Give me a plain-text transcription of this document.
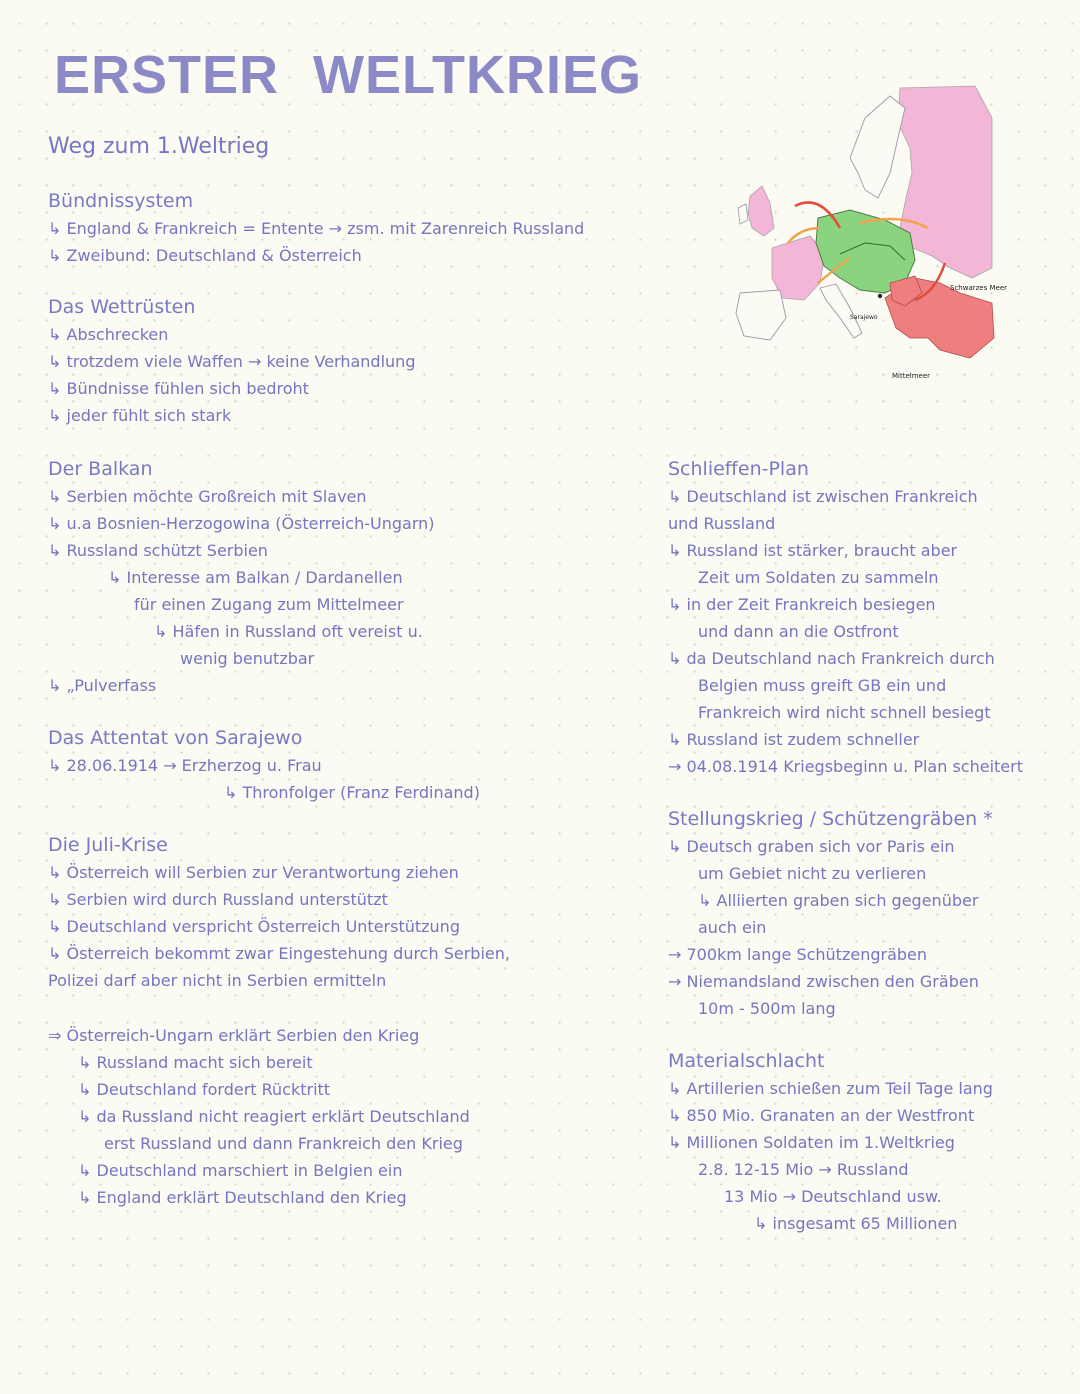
ERSTER WELTKRIEG
Weg zum 1.Weltrieg
Bündnissystem
↳ England & Frankreich = Entente → zsm. mit Zarenreich Russland
↳ Zweibund: Deutschland & Österreich
Das Wettrüsten
↳ Abschrecken
↳ trotzdem viele Waffen → keine Verhandlung
↳ Bündnisse fühlen sich bedroht
↳ jeder fühlt sich stark
Der Balkan
↳ Serbien möchte Großreich mit Slaven
↳ u.a Bosnien-Herzogowina (Österreich-Ungarn)
↳ Russland schützt Serbien
↳ Interesse am Balkan / Dardanellen
für einen Zugang zum Mittelmeer
↳ Häfen in Russland oft vereist u.
wenig benutzbar
↳ „Pulverfass
Das Attentat von Sarajewo
↳ 28.06.1914 → Erzherzog u. Frau
↳ Thronfolger (Franz Ferdinand)
Die Juli-Krise
↳ Österreich will Serbien zur Verantwortung ziehen
↳ Serbien wird durch Russland unterstützt
↳ Deutschland verspricht Österreich Unterstützung
↳ Österreich bekommt zwar Eingestehung durch Serbien,
Polizei darf aber nicht in Serbien ermitteln
⇒ Österreich-Ungarn erklärt Serbien den Krieg
↳ Russland macht sich bereit
↳ Deutschland fordert Rücktritt
↳ da Russland nicht reagiert erklärt Deutschland
erst Russland und dann Frankreich den Krieg
↳ Deutschland marschiert in Belgien ein
↳ England erklärt Deutschland den Krieg
Schlieffen-Plan
↳ Deutschland ist zwischen Frankreich
und Russland
↳ Russland ist stärker, braucht aber
Zeit um Soldaten zu sammeln
↳ in der Zeit Frankreich besiegen
und dann an die Ostfront
↳ da Deutschland nach Frankreich durch
Belgien muss greift GB ein und
Frankreich wird nicht schnell besiegt
↳ Russland ist zudem schneller
→ 04.08.1914 Kriegsbeginn u. Plan scheitert
Stellungskrieg / Schützengräben *
↳ Deutsch graben sich vor Paris ein
um Gebiet nicht zu verlieren
↳ Alliierten graben sich gegenüber
auch ein
→ 700km lange Schützengräben
→ Niemandsland zwischen den Gräben
10m - 500m lang
Materialschlacht
↳ Artillerien schießen zum Teil Tage lang
↳ 850 Mio. Granaten an der Westfront
↳ Millionen Soldaten im 1.Weltkrieg
2.8. 12-15 Mio → Russland
13 Mio → Deutschland usw.
↳ insgesamt 65 Millionen
Schwarzes Meer
Sarajewo
Mittelmeer
